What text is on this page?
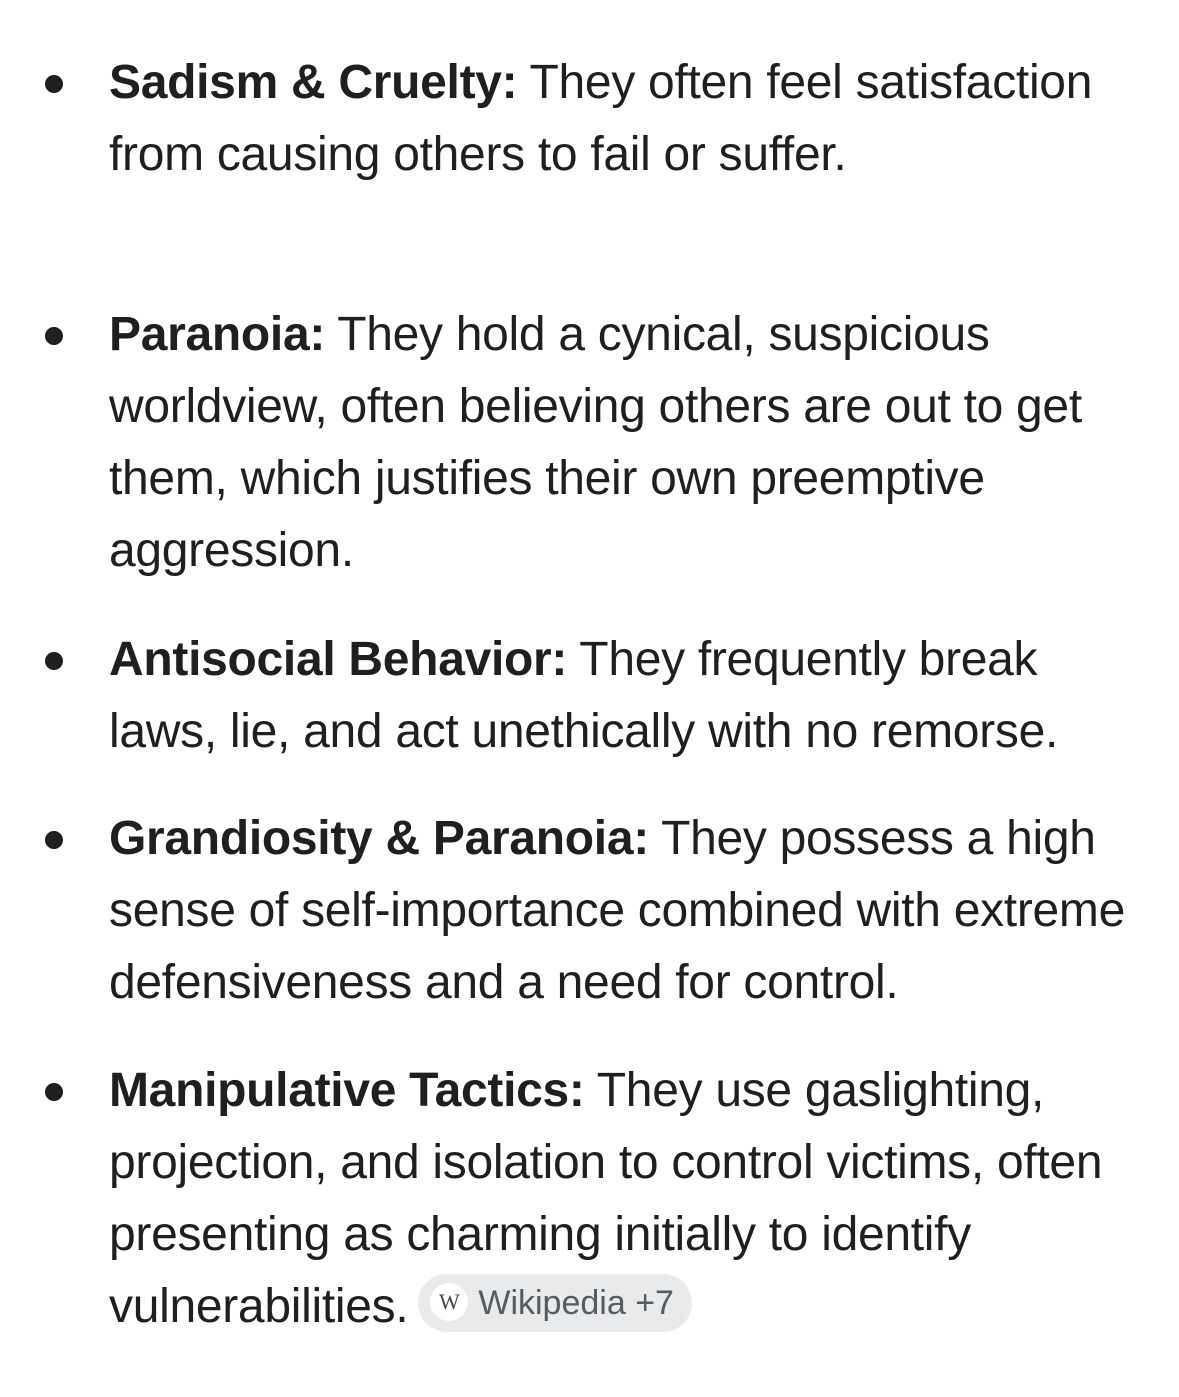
Sadism & Cruelty: They often feel satisfaction from causing others to fail or suffer.
Paranoia: They hold a cynical, suspicious worldview, often believing others are out to get them, which justifies their own preemptive aggression.
Antisocial Behavior: They frequently break laws, lie, and act unethically with no remorse.
Grandiosity & Paranoia: They possess a high sense of self-importance combined with extreme defensiveness and a need for control.
Manipulative Tactics: They use gaslighting, projection, and isolation to control victims, often presenting as charming initially to identify vulnerabilities. W Wikipedia +7
